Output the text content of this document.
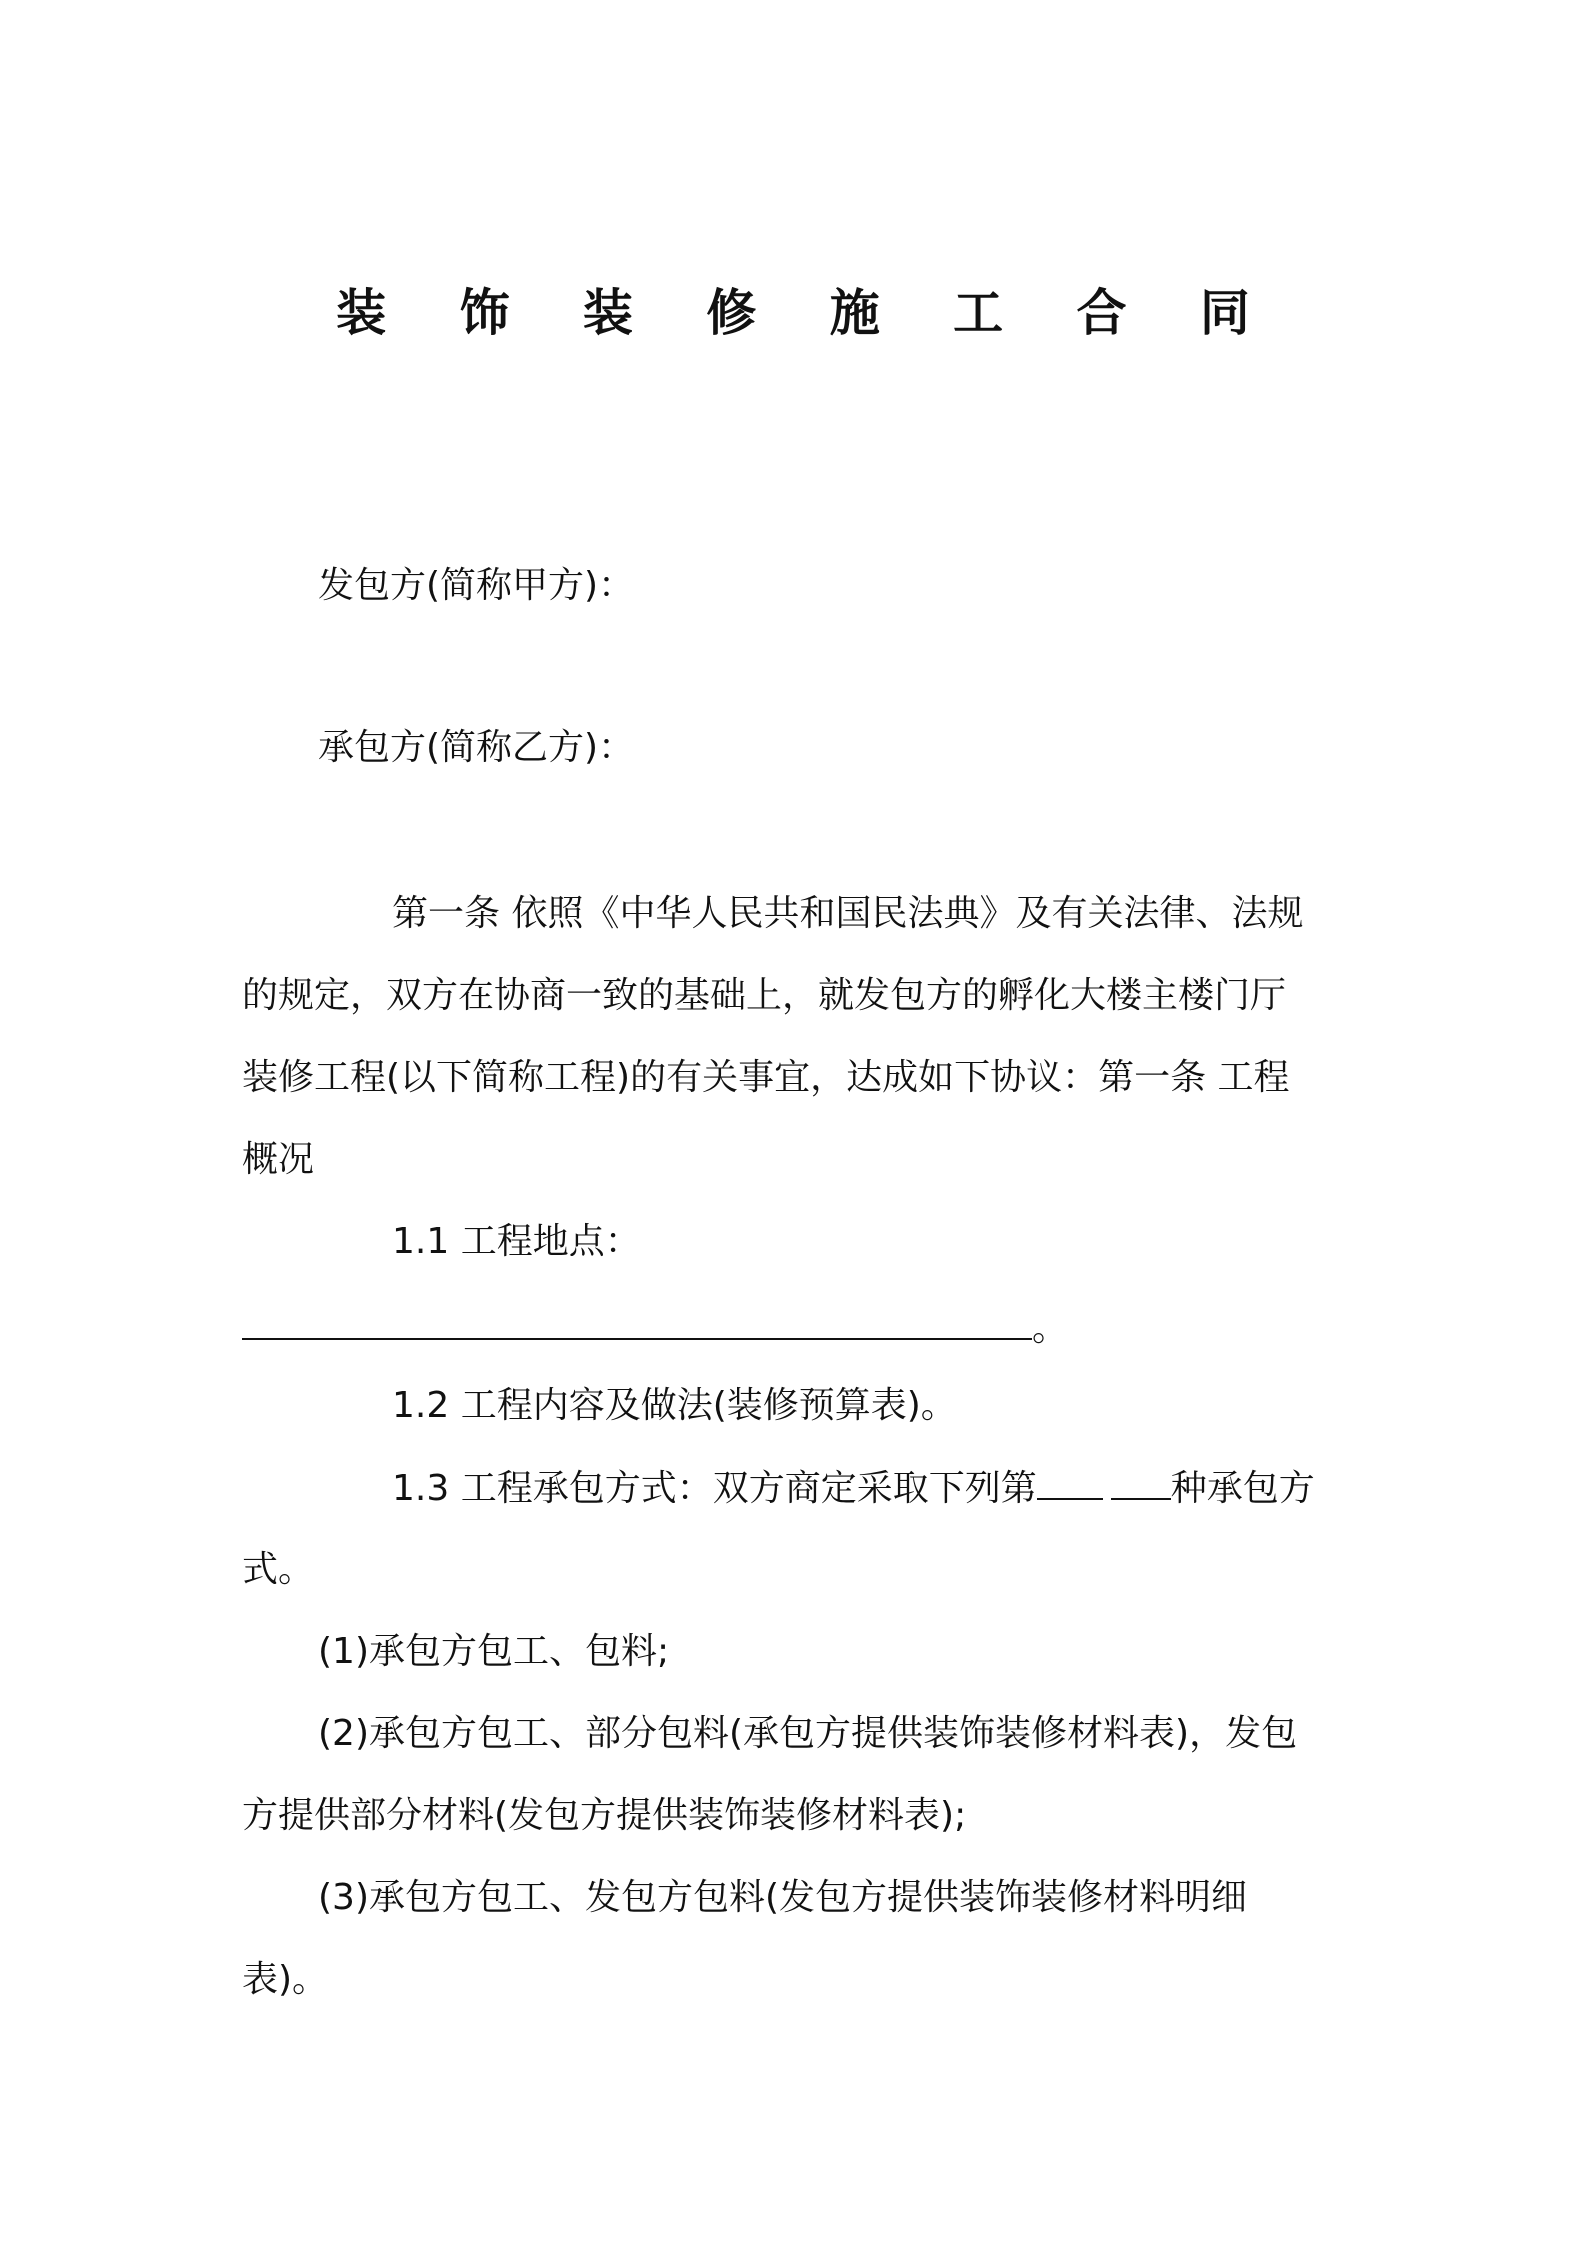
装 饰 装 修 施 工 合 同
发包方(简称甲方)：
承包方(简称乙方)：
第一条 依照《中华人民共和国民法典》及有关法律、法规
的规定，双方在协商一致的基础上，就发包方的孵化大楼主楼门厅
装修工程(以下简称工程)的有关事宜，达成如下协议：第一条 工程
概况
1.1 工程地点：
。
1.2 工程内容及做法(装修预算表)。
1.3 工程承包方式：双方商定采取下列第	种承包方
式。
(1)承包方包工、包料;
(2)承包方包工、部分包料(承包方提供装饰装修材料表)，发包
方提供部分材料(发包方提供装饰装修材料表);
(3)承包方包工、发包方包料(发包方提供装饰装修材料明细
表)。
